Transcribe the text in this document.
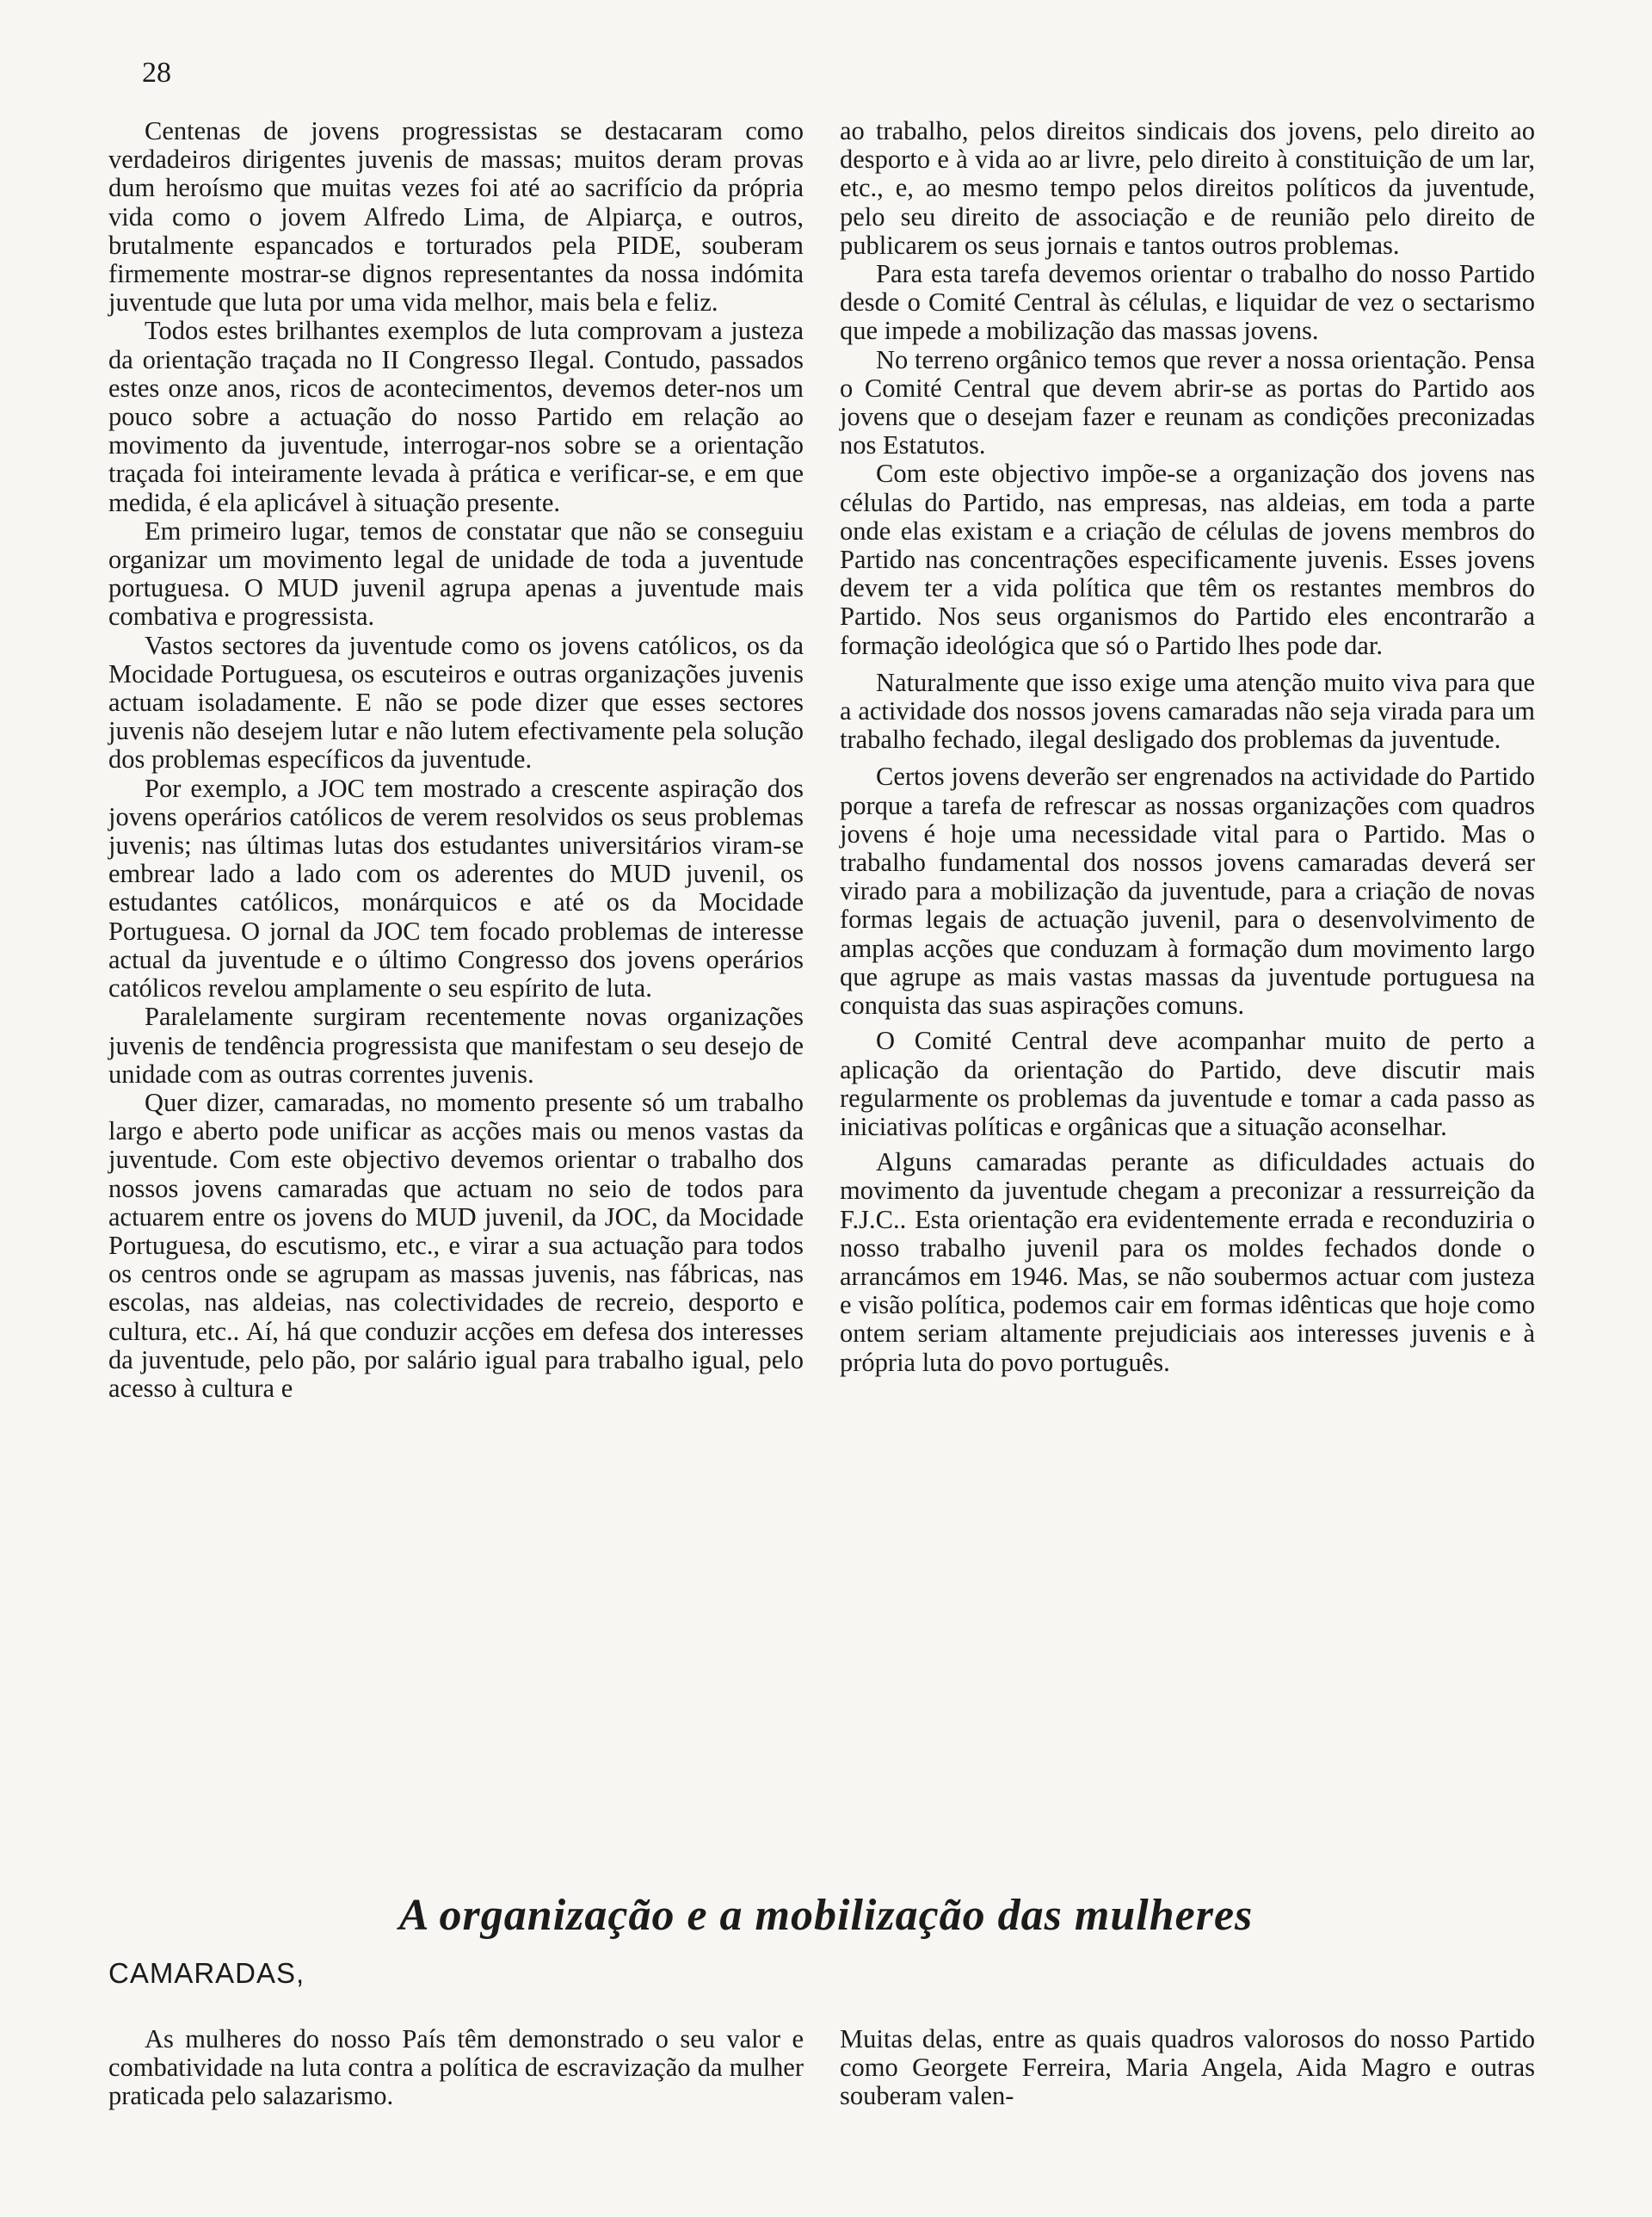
28

Centenas de jovens progressistas se destacaram como verdadeiros dirigentes juvenis de massas; muitos deram provas dum heroísmo que muitas vezes foi até ao sacrifício da própria vida como o jovem Alfredo Lima, de Alpiarça, e outros, brutalmente espancados e torturados pela PIDE, souberam firmemente mostrar-se dignos representantes da nossa indómita juventude que luta por uma vida melhor, mais bela e feliz.

Todos estes brilhantes exemplos de luta comprovam a justeza da orientação traçada no II Congresso Ilegal. Contudo, passados estes onze anos, ricos de acontecimentos, devemos deter-nos um pouco sobre a actuação do nosso Partido em relação ao movimento da juventude, interrogar-nos sobre se a orientação traçada foi inteiramente levada à prática e verificar-se, e em que medida, é ela aplicável à situação presente.

Em primeiro lugar, temos de constatar que não se conseguiu organizar um movimento legal de unidade de toda a juventude portuguesa. O MUD juvenil agrupa apenas a juventude mais combativa e progressista.

Vastos sectores da juventude como os jovens católicos, os da Mocidade Portuguesa, os escuteiros e outras organizações juvenis actuam isoladamente. E não se pode dizer que esses sectores juvenis não desejem lutar e não lutem efectivamente pela solução dos problemas específicos da juventude.

Por exemplo, a JOC tem mostrado a crescente aspiração dos jovens operários católicos de verem resolvidos os seus problemas juvenis; nas últimas lutas dos estudantes universitários viram-se embrear lado a lado com os aderentes do MUD juvenil, os estudantes católicos, monárquicos e até os da Mocidade Portuguesa. O jornal da JOC tem focado problemas de interesse actual da juventude e o último Congresso dos jovens operários católicos revelou amplamente o seu espírito de luta.

Paralelamente surgiram recentemente novas organizações juvenis de tendência progressista que manifestam o seu desejo de unidade com as outras correntes juvenis.

Quer dizer, camaradas, no momento presente só um trabalho largo e aberto pode unificar as acções mais ou menos vastas da juventude. Com este objectivo devemos orientar o trabalho dos nossos jovens camaradas que actuam no seio de todos para actuarem entre os jovens do MUD juvenil, da JOC, da Mocidade Portuguesa, do escutismo, etc., e virar a sua actuação para todos os centros onde se agrupam as massas juvenis, nas fábricas, nas escolas, nas aldeias, nas colectividades de recreio, desporto e cultura, etc.. Aí, há que conduzir acções em defesa dos interesses da juventude, pelo pão, por salário igual para trabalho igual, pelo acesso à cultura e

ao trabalho, pelos direitos sindicais dos jovens, pelo direito ao desporto e à vida ao ar livre, pelo direito à constituição de um lar, etc., e, ao mesmo tempo pelos direitos políticos da juventude, pelo seu direito de associação e de reunião pelo direito de publicarem os seus jornais e tantos outros problemas.

Para esta tarefa devemos orientar o trabalho do nosso Partido desde o Comité Central às células, e liquidar de vez o sectarismo que impede a mobilização das massas jovens.

No terreno orgânico temos que rever a nossa orientação. Pensa o Comité Central que devem abrir-se as portas do Partido aos jovens que o desejam fazer e reunam as condições preconizadas nos Estatutos.

Com este objectivo impõe-se a organização dos jovens nas células do Partido, nas empresas, nas aldeias, em toda a parte onde elas existam e a criação de células de jovens membros do Partido nas concentrações especificamente juvenis. Esses jovens devem ter a vida política que têm os restantes membros do Partido. Nos seus organismos do Partido eles encontrarão a formação ideológica que só o Partido lhes pode dar.

Naturalmente que isso exige uma atenção muito viva para que a actividade dos nossos jovens camaradas não seja virada para um trabalho fechado, ilegal desligado dos problemas da juventude.

Certos jovens deverão ser engrenados na actividade do Partido porque a tarefa de refrescar as nossas organizações com quadros jovens é hoje uma necessidade vital para o Partido. Mas o trabalho fundamental dos nossos jovens camaradas deverá ser virado para a mobilização da juventude, para a criação de novas formas legais de actuação juvenil, para o desenvolvimento de amplas acções que conduzam à formação dum movimento largo que agrupe as mais vastas massas da juventude portuguesa na conquista das suas aspirações comuns.

O Comité Central deve acompanhar muito de perto a aplicação da orientação do Partido, deve discutir mais regularmente os problemas da juventude e tomar a cada passo as iniciativas políticas e orgânicas que a situação aconselhar.

Alguns camaradas perante as dificuldades actuais do movimento da juventude chegam a preconizar a ressurreição da F.J.C.. Esta orientação era evidentemente errada e reconduziria o nosso trabalho juvenil para os moldes fechados donde o arrancámos em 1946. Mas, se não soubermos actuar com justeza e visão política, podemos cair em formas idênticas que hoje como ontem seriam altamente prejudiciais aos interesses juvenis e à própria luta do povo português.

A organização e a mobilização das mulheres

CAMARADAS,

As mulheres do nosso País têm demonstrado o seu valor e combatividade na luta contra a política de escravização da mulher praticada pelo salazarismo.

Muitas delas, entre as quais quadros valorosos do nosso Partido como Georgete Ferreira, Maria Angela, Aida Magro e outras souberam valen-
